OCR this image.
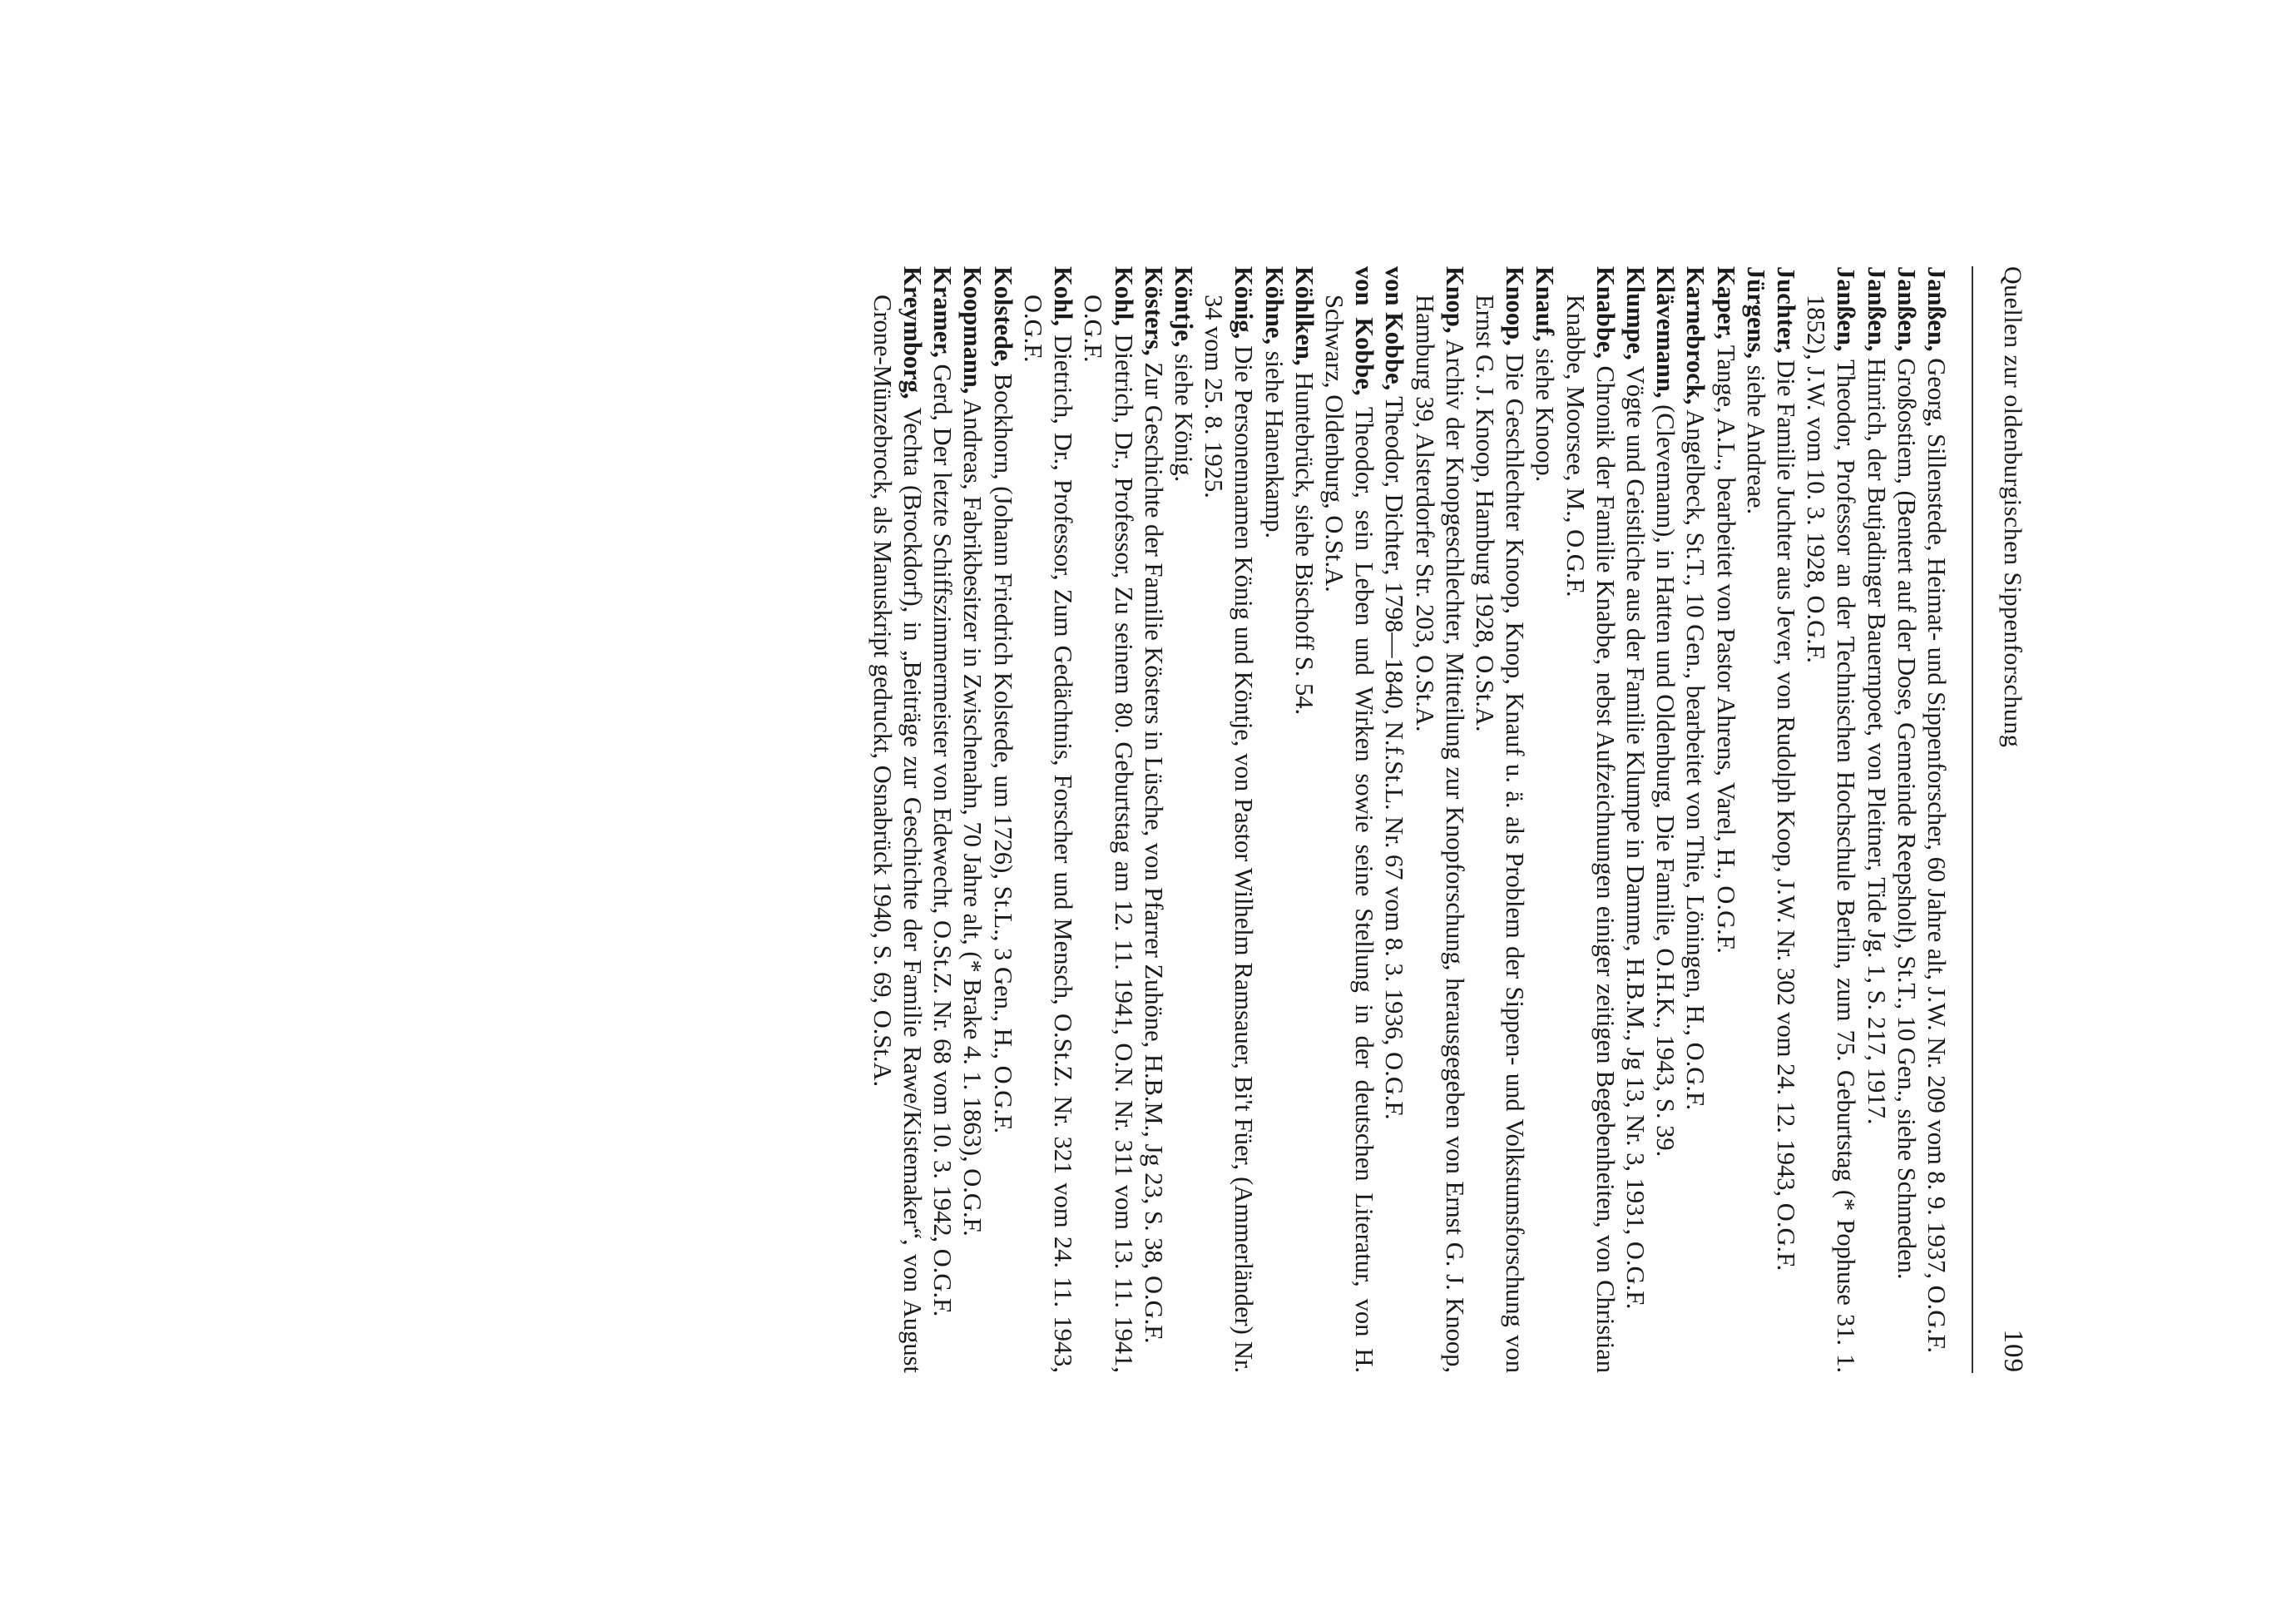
Quellen zur oldenburgischen Sippenforschung
109

Janßen, Georg, Sillenstede, Heimat- und Sippenforscher, 60 Jahre alt, J.W. Nr. 209 vom 8. 9. 1937, O.G.F.

Janßen, Großostiem, (Bentert auf der Dose, Gemeinde Reepsholt), St.T., 10 Gen., siehe Schmeden.

Janßen, Hinrich, der Butjadinger Bauernpoet, von Pleitner, Tide Jg. 1, S. 217, 1917.

Janßen, Theodor, Professor an der Technischen Hochschule Berlin, zum 75. Geburtstag (* Pophuse 31. 1. 1852), J.W. vom 10. 3. 1928, O.G.F.

Juchter, Die Familie Juchter aus Jever, von Rudolph Koop, J.W. Nr. 302 vom 24. 12. 1943, O.G.F.

Jürgens, siehe Andreae.

Kaper, Tange, A.L., bearbeitet von Pastor Ahrens, Varel, H., O.G.F.

Karnebrock, Angelbeck, St.T., 10 Gen., bearbeitet von Thie, Löningen, H., O.G.F.

Klävemann, (Clevemann), in Hatten und Oldenburg, Die Familie, O.H.K., 1943, S. 39.

Klumpe, Vögte und Geistliche aus der Familie Klumpe in Damme, H.B.M., Jg 13, Nr. 3, 1931, O.G.F.

Knabbe, Chronik der Familie Knabbe, nebst Aufzeichnungen einiger zeitigen Begebenheiten, von Christian Knabbe, Moorsee, M., O.G.F.

Knauf, siehe Knoop.

Knoop, Die Geschlechter Knoop, Knop, Knauf u. ä. als Problem der Sippen- und Volkstumsforschung von Ernst G. J. Knoop, Hamburg 1928, O.St.A.

Knop, Archiv der Knopgeschlechter, Mitteilung zur Knopforschung, herausgegeben von Ernst G. J. Knoop, Hamburg 39, Alsterdorfer Str. 203, O.St.A.

von Kobbe, Theodor, Dichter, 1798—1840, N.f.St.L. Nr. 67 vom 8. 3. 1936, O.G.F.

von Kobbe, Theodor, sein Leben und Wirken sowie seine Stellung in der deutschen Literatur, von H. Schwarz, Oldenburg, O.St.A.

Köhlken, Huntebrück, siehe Bischoff S. 54.

Köhne, siehe Hanenkamp.

König, Die Personennamen König und Köntje, von Pastor Wilhelm Ramsauer, Bi't Füer, (Ammerländer) Nr. 34 vom 25. 8. 1925.

Köntje, siehe König.

Kösters, Zur Geschichte der Familie Kösters in Lüsche, von Pfarrer Zuhöne, H.B.M., Jg 23, S. 38, O.G.F.

Kohl, Dietrich, Dr., Professor, Zu seinem 80. Geburtstag am 12. 11. 1941, O.N. Nr. 311 vom 13. 11. 1941, O.G.F.

Kohl, Dietrich, Dr., Professor, Zum Gedächtnis, Forscher und Mensch, O.St.Z. Nr. 321 vom 24. 11. 1943, O.G.F.

Kolstede, Bockhorn, (Johann Friedrich Kolstede, um 1726), St.L., 3 Gen., H., O.G.F.

Koopmann, Andreas, Fabrikbesitzer in Zwischenahn, 70 Jahre alt, (* Brake 4. 1. 1863), O.G.F.

Kramer, Gerd, Der letzte Schiffszimmermeister von Edewecht, O.St.Z. Nr. 68 vom 10. 3. 1942, O.G.F.

Kreymborg, Vechta (Brockdorf), in „Beiträge zur Geschichte der Familie Rawe/Kistemaker“, von August Crone-Münzebrock, als Manuskript gedruckt, Osnabrück 1940, S. 69, O.St.A.
